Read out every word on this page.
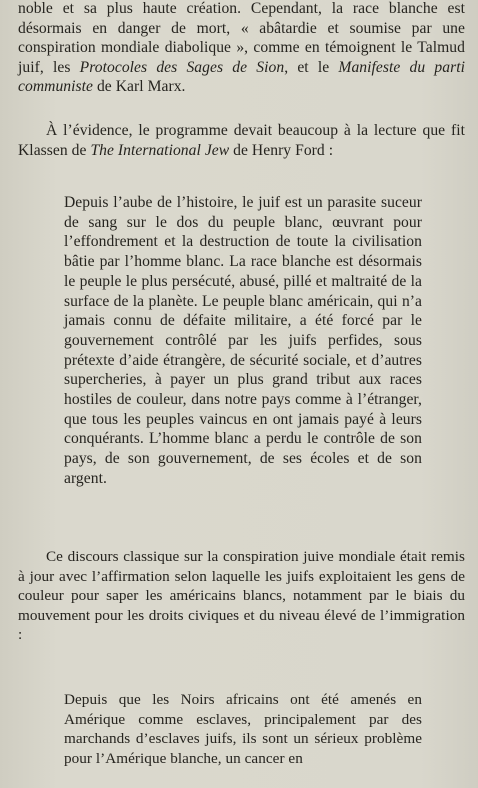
noble et sa plus haute création. Cependant, la race blanche est désormais en danger de mort, « abâtardie et soumise par une conspiration mondiale diabolique », comme en témoignent le Talmud juif, les Protocoles des Sages de Sion, et le Manifeste du parti communiste de Karl Marx.

À l’évidence, le programme devait beaucoup à la lecture que fit Klassen de The International Jew de Henry Ford :

Depuis l’aube de l’histoire, le juif est un parasite suceur de sang sur le dos du peuple blanc, œuvrant pour l’effondrement et la destruction de toute la civilisation bâtie par l’homme blanc. La race blanche est désormais le peuple le plus persécuté, abusé, pillé et maltraité de la surface de la planète. Le peuple blanc américain, qui n’a jamais connu de défaite militaire, a été forcé par le gouvernement contrôlé par les juifs perfides, sous prétexte d’aide étrangère, de sécurité sociale, et d’autres supercheries, à payer un plus grand tribut aux races hostiles de couleur, dans notre pays comme à l’étranger, que tous les peuples vaincus en ont jamais payé à leurs conquérants. L’homme blanc a perdu le contrôle de son pays, de son gouvernement, de ses écoles et de son argent.

Ce discours classique sur la conspiration juive mondiale était remis à jour avec l’affirmation selon laquelle les juifs exploitaient les gens de couleur pour saper les américains blancs, notamment par le biais du mouvement pour les droits civiques et du niveau élevé de l’immigration :

Depuis que les Noirs africains ont été amenés en Amérique comme esclaves, principalement par des marchands d’esclaves juifs, ils sont un sérieux problème pour l’Amérique blanche, un cancer en
